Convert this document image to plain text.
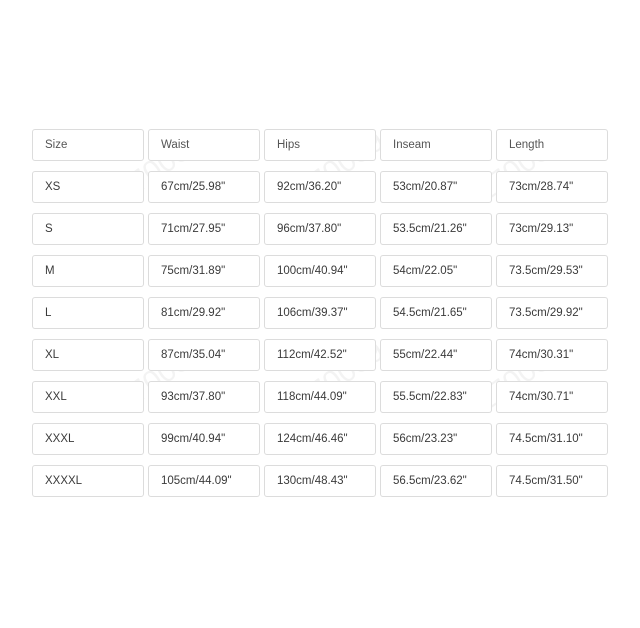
Size	Waist	Hips	Inseam	Length
XS	67cm/25.98"	92cm/36.20"	53cm/20.87"	73cm/28.74"
S	71cm/27.95"	96cm/37.80"	53.5cm/21.26"	73cm/29.13"
M	75cm/31.89"	100cm/40.94"	54cm/22.05"	73.5cm/29.53"
L	81cm/29.92"	106cm/39.37"	54.5cm/21.65"	73.5cm/29.92"
XL	87cm/35.04"	112cm/42.52"	55cm/22.44"	74cm/30.31"
XXL	93cm/37.80"	118cm/44.09"	55.5cm/22.83"	74cm/30.71"
XXXL	99cm/40.94"	124cm/46.46"	56cm/23.23"	74.5cm/31.10"
XXXXL	105cm/44.09"	130cm/48.43"	56.5cm/23.62"	74.5cm/31.50"
